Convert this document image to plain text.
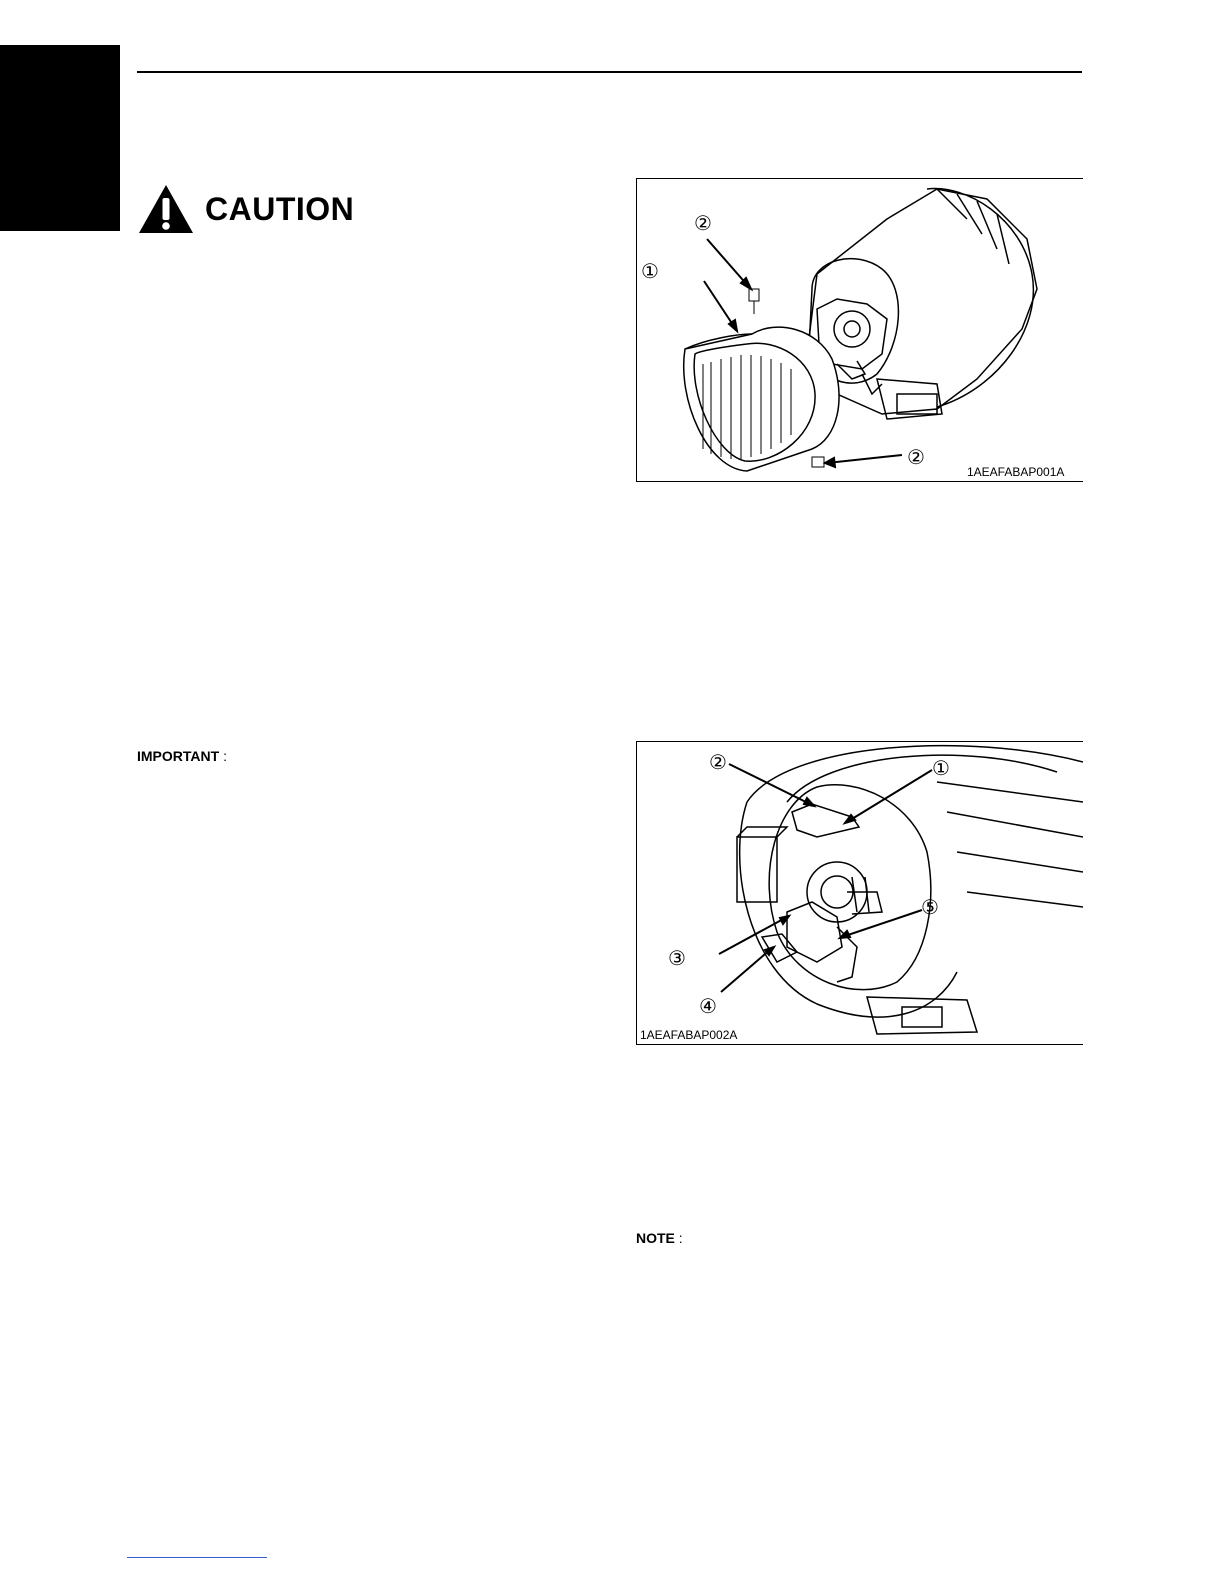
CAUTION
1AEAFABAP001A
①
②
②
IMPORTANT :
1AEAFABAP002A
②	①
⑤
③
④
NOTE :
